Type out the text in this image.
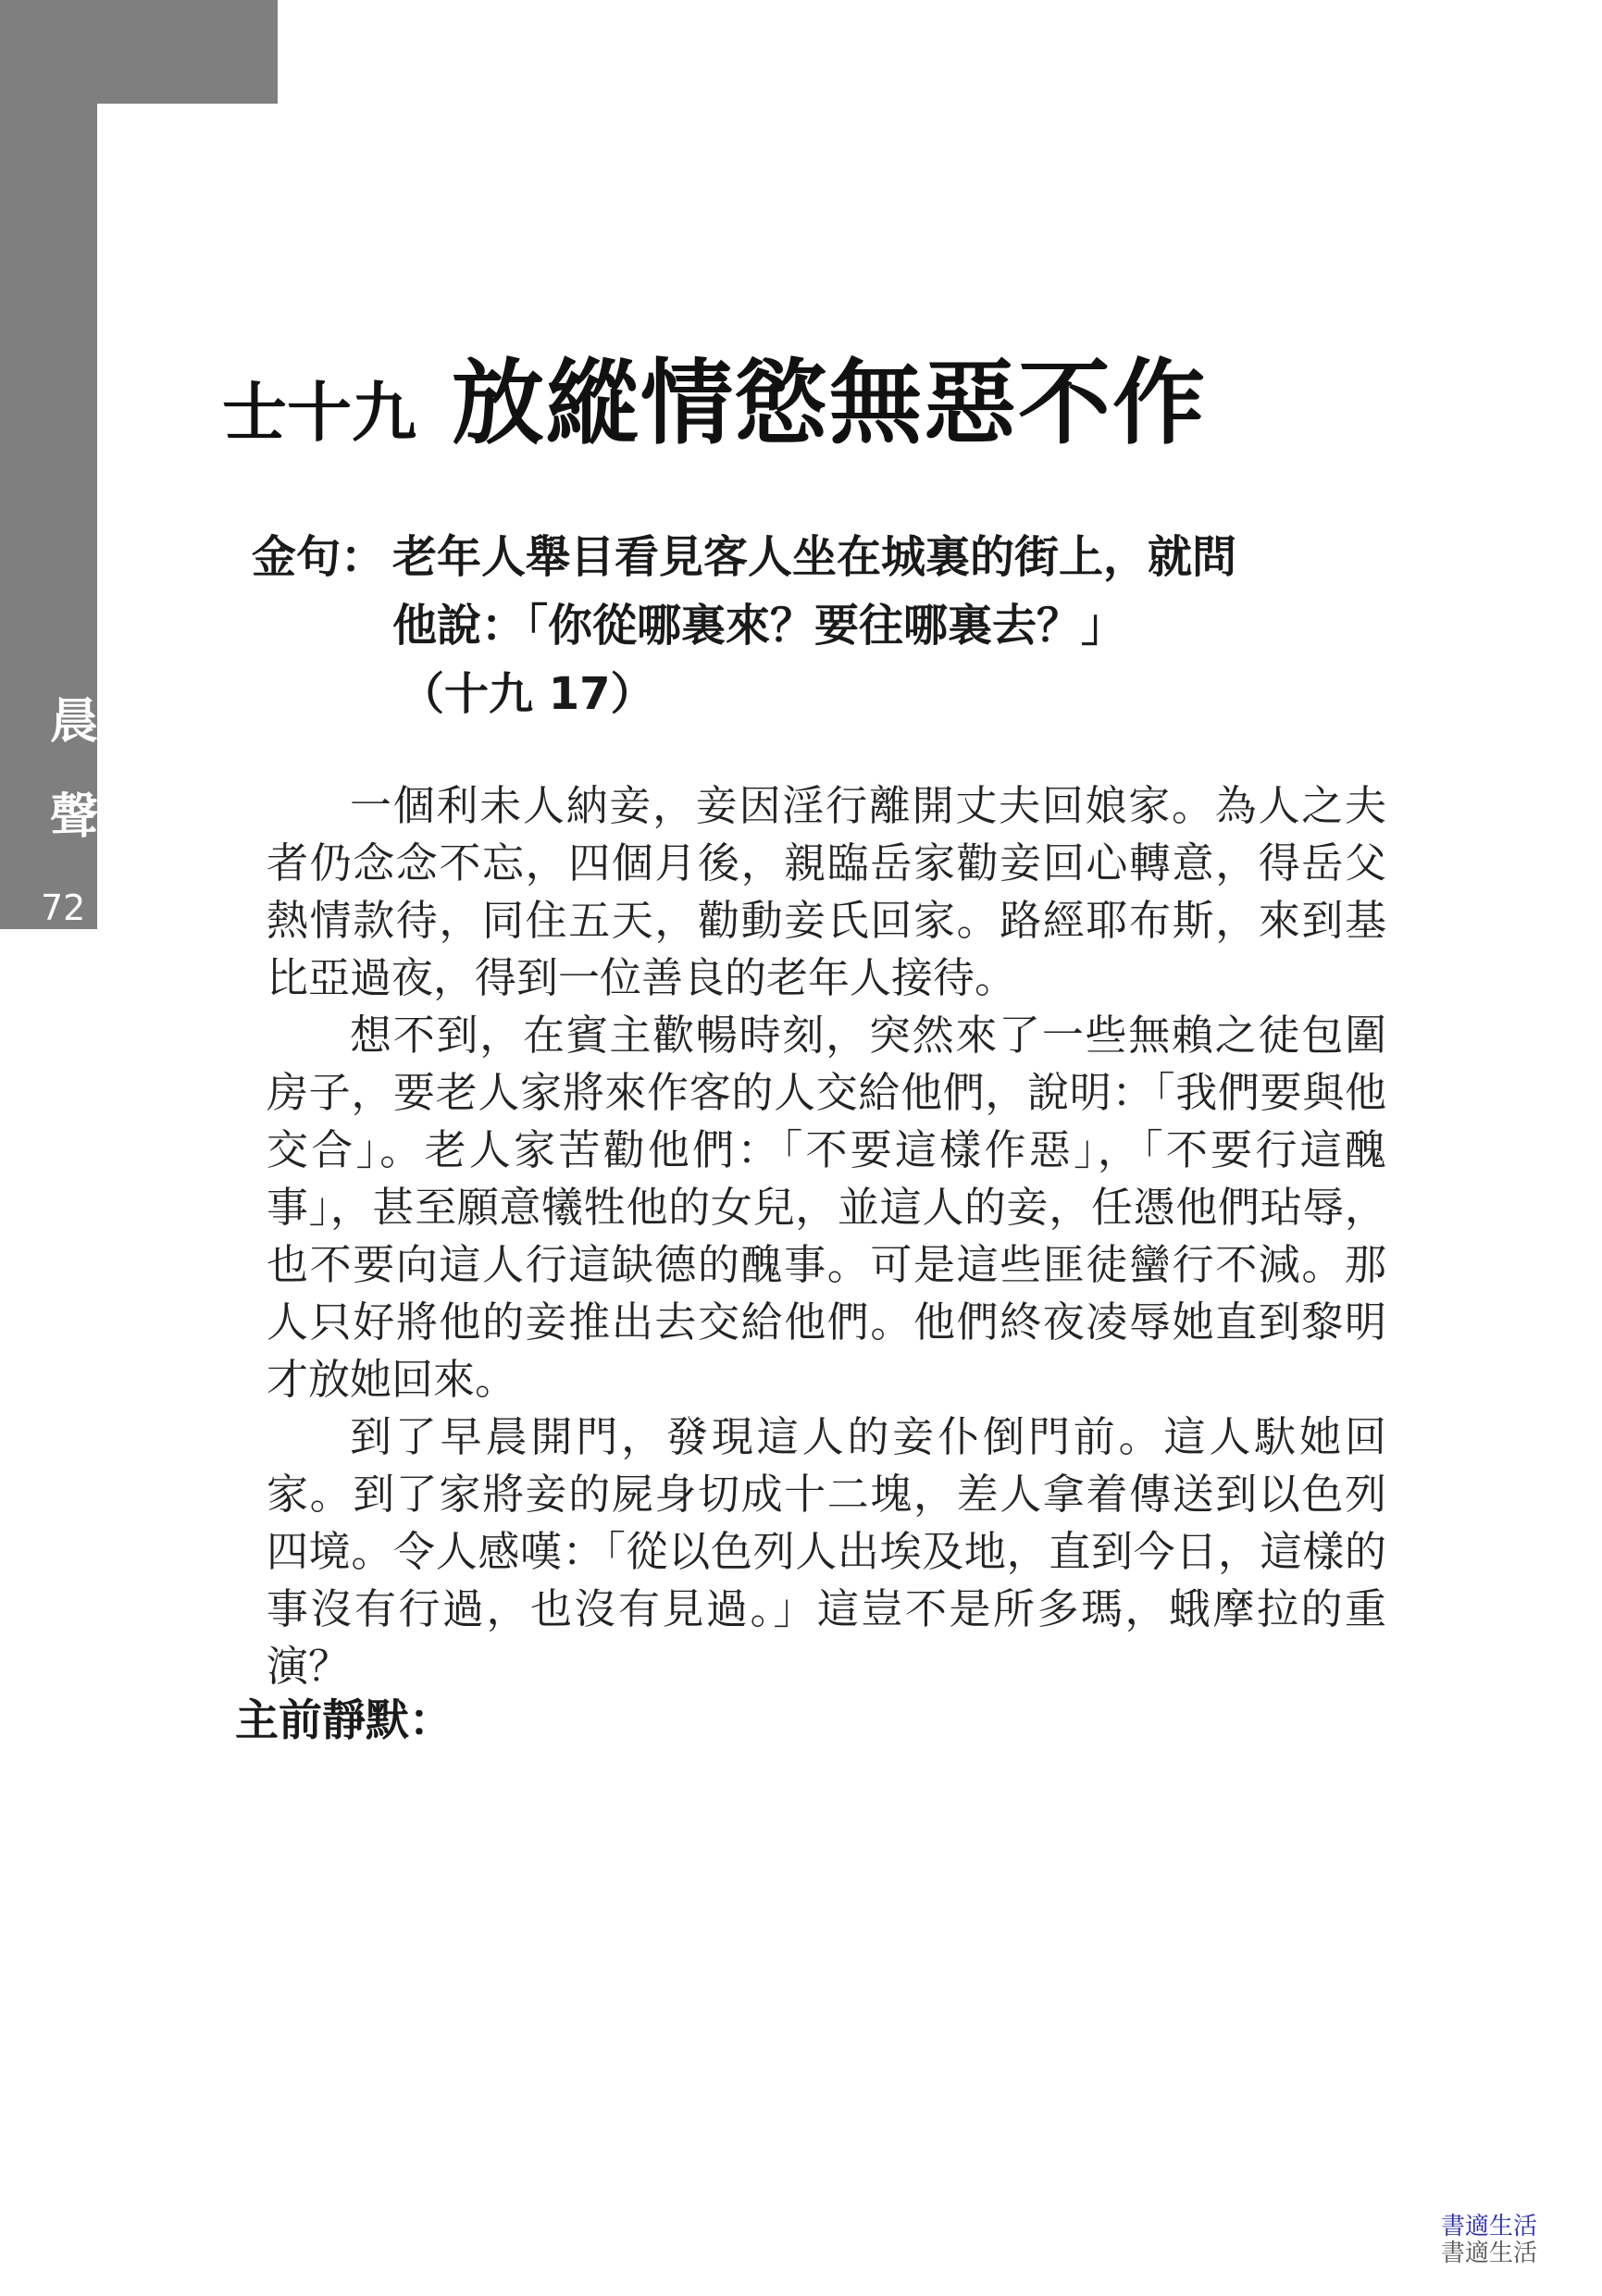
晨
聲
72
士十九 放縱情慾無惡不作
金句： 老年人舉目看見客人坐在城裏的街上，就問
他說：「你從哪裏來？要往哪裏去？」
（十九 17）

一個利未人納妾，妾因淫行離開丈夫回娘家。為人之夫者仍念念不忘，四個月後，親臨岳家勸妾回心轉意，得岳父熱情款待，同住五天，勸動妾氏回家。路經耶布斯，來到基比亞過夜，得到一位善良的老年人接待。

想不到，在賓主歡暢時刻，突然來了一些無賴之徒包圍房子，要老人家將來作客的人交給他們，說明：「我們要與他交合」。老人家苦勸他們：「不要這樣作惡」，「不要行這醜事」，甚至願意犧牲他的女兒，並這人的妾，任憑他們玷辱，也不要向這人行這缺德的醜事。可是這些匪徒蠻行不減。那人只好將他的妾推出去交給他們。他們終夜凌辱她直到黎明才放她回來。

到了早晨開門，發現這人的妾仆倒門前。這人馱她回家。到了家將妾的屍身切成十二塊，差人拿着傳送到以色列四境。令人感嘆：「從以色列人出埃及地，直到今日，這樣的事沒有行過，也沒有見過。」這豈不是所多瑪，蛾摩拉的重演？

主前靜默：
書適生活
書適生活
